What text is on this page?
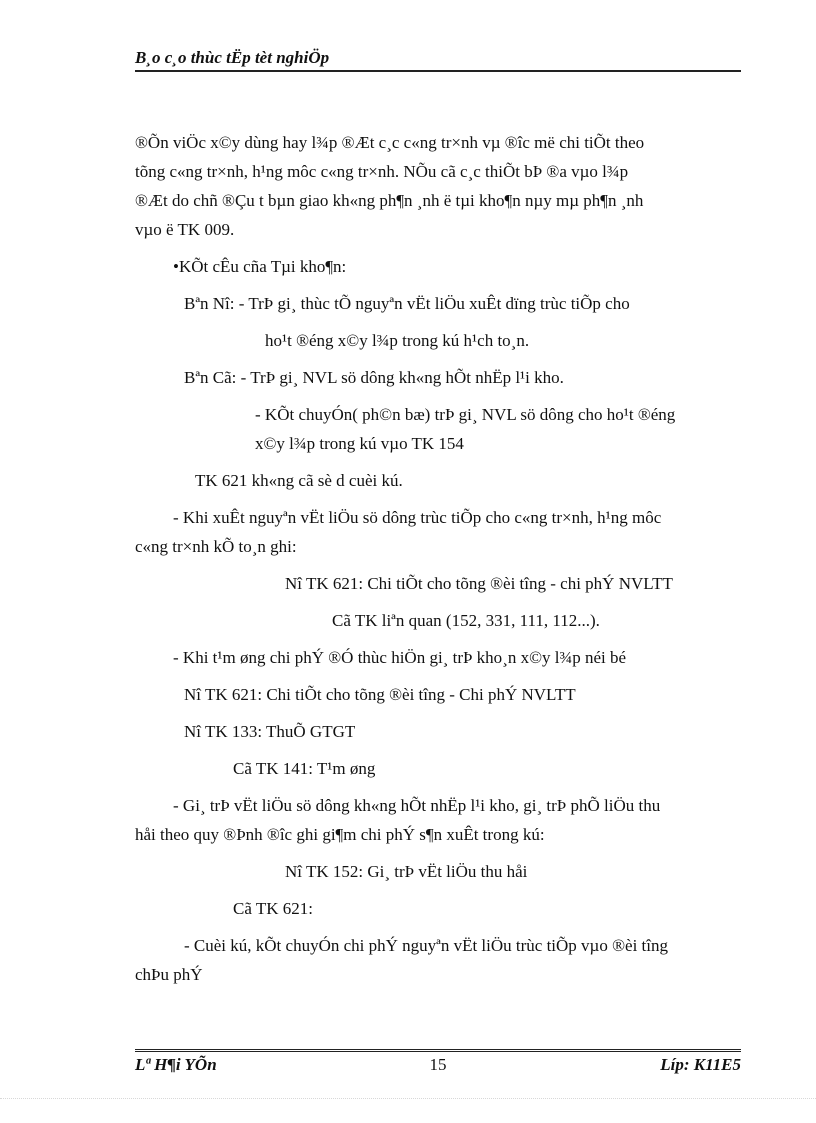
B¸o c¸o thùc tËp tèt nghiÖp

®Õn viÖc x©y dùng hay l¾p ®Æt c¸c c«ng tr×nh vµ ®îc më chi tiÕt theo
tõng c«ng tr×nh, h¹ng môc c«ng tr×nh. NÕu cã c¸c thiÕt bÞ ®a vµo l¾p
®Æt do chñ ®Çu t bµn giao kh«ng ph¶n ¸nh ë tµi kho¶n nµy mµ ph¶n ¸nh
vµo ë TK 009.

•KÕt cÊu cña Tµi kho¶n:

Bªn Nî: - TrÞ gi¸ thùc tÕ nguyªn vËt liÖu xuÊt dïng trùc tiÕp cho

ho¹t ®éng x©y l¾p trong kú h¹ch to¸n.

Bªn Cã: - TrÞ gi¸ NVL sö dông kh«ng hÕt nhËp l¹i kho.

- KÕt chuyÓn( ph©n bæ) trÞ gi¸ NVL sö dông cho ho¹t ®éng
x©y l¾p trong kú vµo TK 154

TK 621 kh«ng cã sè d cuèi kú.

- Khi xuÊt nguyªn vËt liÖu sö dông trùc tiÕp cho c«ng tr×nh, h¹ng môc
c«ng tr×nh kÕ to¸n ghi:

Nî TK 621: Chi tiÕt cho tõng ®èi tîng - chi phÝ NVLTT

Cã TK liªn quan (152, 331, 111, 112...).

- Khi t¹m øng chi phÝ ®Ó thùc hiÖn gi¸ trÞ kho¸n x©y l¾p néi bé

Nî TK 621: Chi tiÕt cho tõng ®èi tîng - Chi phÝ NVLTT

Nî TK 133: ThuÕ GTGT

Cã TK 141: T¹m øng

- Gi¸ trÞ vËt liÖu sö dông kh«ng hÕt nhËp l¹i kho, gi¸ trÞ phÕ liÖu thu
håi theo quy ®Þnh ®îc ghi gi¶m chi phÝ s¶n xuÊt trong kú:

Nî TK 152: Gi¸ trÞ vËt liÖu thu håi

Cã TK 621:

- Cuèi kú, kÕt chuyÓn chi phÝ nguyªn vËt liÖu trùc tiÕp vµo ®èi tîng
chÞu phÝ

Lª H¶i YÕn	15	Líp: K11E5
